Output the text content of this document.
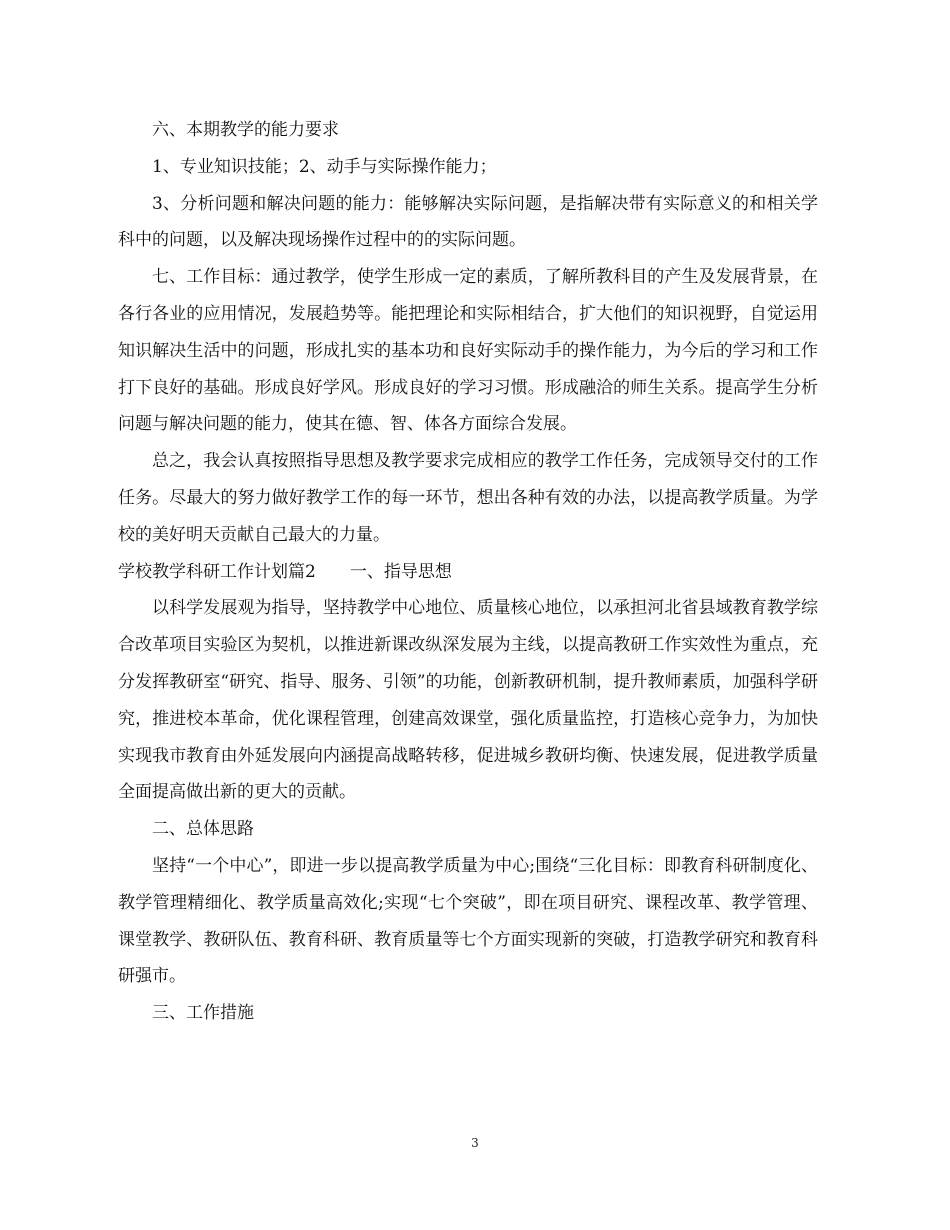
六、本期教学的能力要求

1、专业知识技能；2、动手与实际操作能力；

3、分析问题和解决问题的能力：能够解决实际问题，是指解决带有实际意义的和相关学科中的问题，以及解决现场操作过程中的的实际问题。

七、工作目标：通过教学，使学生形成一定的素质，了解所教科目的产生及发展背景，在各行各业的应用情况，发展趋势等。能把理论和实际相结合，扩大他们的知识视野，自觉运用知识解决生活中的问题，形成扎实的基本功和良好实际动手的操作能力，为今后的学习和工作打下良好的基础。形成良好学风。形成良好的学习习惯。形成融洽的师生关系。提高学生分析问题与解决问题的能力，使其在德、智、体各方面综合发展。

总之，我会认真按照指导思想及教学要求完成相应的教学工作任务，完成领导交付的工作任务。尽最大的努力做好教学工作的每一环节，想出各种有效的办法，以提高教学质量。为学校的美好明天贡献自己最大的力量。

学校教学科研工作计划篇2　　一、指导思想

以科学发展观为指导，坚持教学中心地位、质量核心地位，以承担河北省县域教育教学综合改革项目实验区为契机，以推进新课改纵深发展为主线，以提高教研工作实效性为重点，充分发挥教研室“研究、指导、服务、引领”的功能，创新教研机制，提升教师素质，加强科学研究，推进校本革命，优化课程管理，创建高效课堂，强化质量监控，打造核心竞争力，为加快实现我市教育由外延发展向内涵提高战略转移，促进城乡教研均衡、快速发展，促进教学质量全面提高做出新的更大的贡献。

二、总体思路

坚持“一个中心”，即进一步以提高教学质量为中心;围绕“三化目标：即教育科研制度化、教学管理精细化、教学质量高效化;实现“七个突破”，即在项目研究、课程改革、教学管理、课堂教学、教研队伍、教育科研、教育质量等七个方面实现新的突破，打造教学研究和教育科研强市。

三、工作措施

3
